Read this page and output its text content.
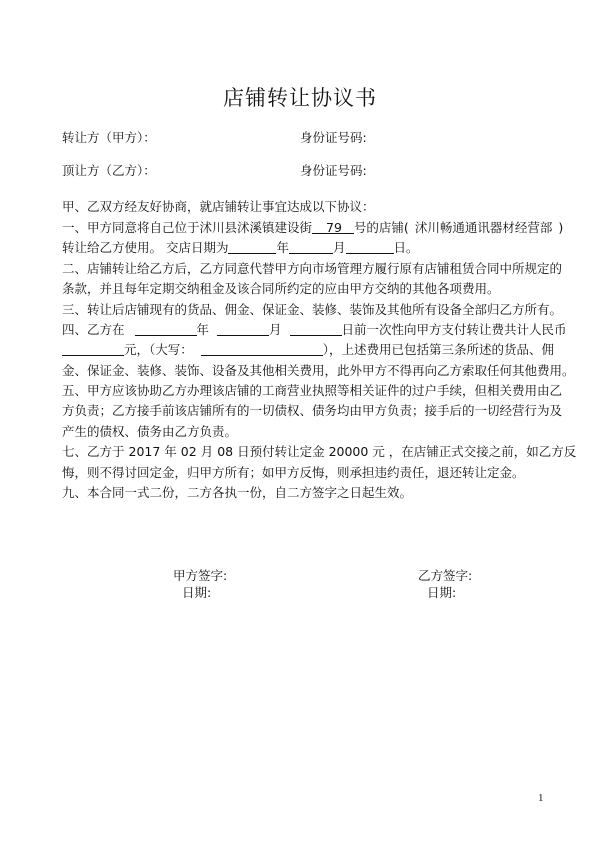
店铺转让协议书
转让方（甲方）：	身份证号码:
顶让方（乙方）：	身份证号码:
甲、乙双方经友好协商，就店铺转让事宜达成以下协议：
一、甲方同意将自己位于沭川县沭溪镇建设街 79 号的店铺( 沭川畅通通讯器材经营部 )
转让给乙方使用。 交店日期为	年	月	日。
二、店铺转让给乙方后，乙方同意代替甲方向市场管理方履行原有店铺租赁合同中所规定的
条款，并且每年定期交纳租金及该合同所约定的应由甲方交纳的其他各项费用。
三、转让后店铺现有的货品、佣金、保证金、装修、装饰及其他所有设备全部归乙方所有。
四、乙方在	年	月	日前一次性向甲方支付转让费共计人民币
元，（大写：	），上述费用已包括第三条所述的货品、佣
金、保证金、装修、装饰、设备及其他相关费用，此外甲方不得再向乙方索取任何其他费用。
五、甲方应该协助乙方办理该店铺的工商营业执照等相关证件的过户手续，但相关费用由乙
方负责；乙方接手前该店铺所有的一切债权、债务均由甲方负责；接手后的一切经营行为及
产生的债权、债务由乙方负责。
七、乙方于 2017 年 02 月 08 日预付转让定金 20000 元 ，在店铺正式交接之前，如乙方反
悔，则不得讨回定金，归甲方所有；如甲方反悔，则承担违约责任，退还转让定金。
九、本合同一式二份，二方各执一份，自二方签字之日起生效。
甲方签字:
日期:
乙方签字:
日期:
1
